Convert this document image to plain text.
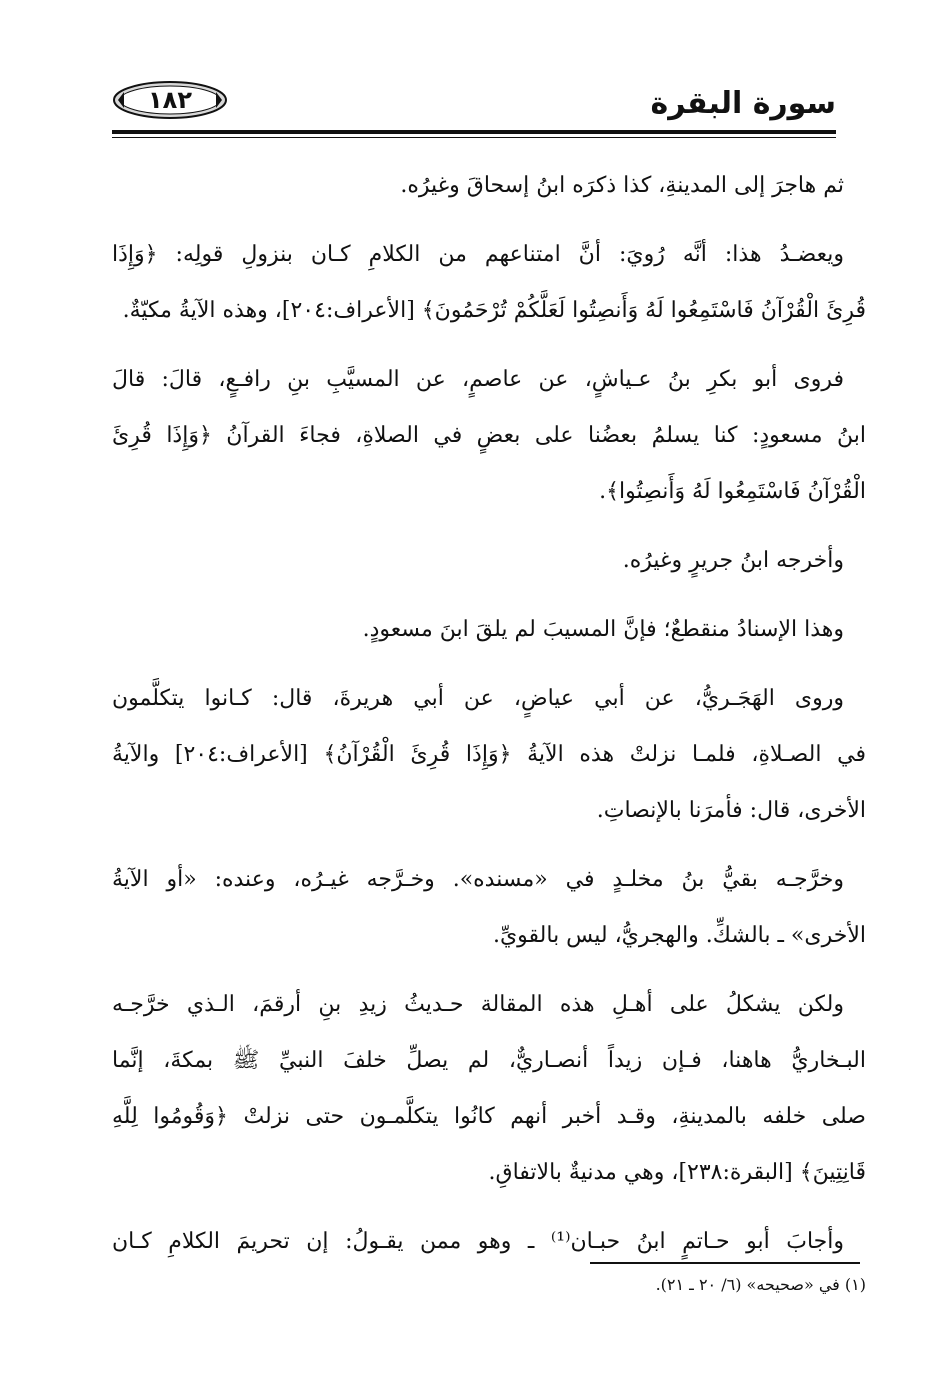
سورة البقرة
١٨٢
ثم هاجرَ إلى المدينةِ، كذا ذكرَه ابنُ إسحاقَ وغيرُه.
ويعضـدُ هذا: أنَّه رُويَ: أنَّ امتناعهم من الكلامِ كـان بنزولِ قولِه: ﴿وَإِذَا
قُرِئَ الْقُرْآنُ فَاسْتَمِعُوا لَهُ وَأَنصِتُوا لَعَلَّكُمْ تُرْحَمُونَ﴾ [الأعراف:٢٠٤]، وهذه الآيةُ مكيّةٌ.
فروى أبو بكرِ بنُ عـياشٍ، عن عاصمٍ، عن المسيَّبِ بنِ رافـعٍ، قالَ: قالَ
ابنُ مسعودٍ: كنا يسلمُ بعضُنا على بعضٍ في الصلاةِ، فجاءَ القرآنُ ﴿وَإِذَا قُرِئَ
الْقُرْآنُ فَاسْتَمِعُوا لَهُ وَأَنصِتُوا﴾.
وأخرجه ابنُ جريرٍ وغيرُه.
وهذا الإسنادُ منقطعٌ؛ فإنَّ المسيبَ لم يلقَ ابنَ مسعودٍ.
وروى الهَجَـريُّ، عن أبي عياضٍ، عن أبي هريرةَ، قال: كـانوا يتكلَّمون
في الصـلاةِ، فلمـا نزلتْ هذه الآيةُ ﴿وَإِذَا قُرِئَ الْقُرْآنُ﴾ [الأعراف:٢٠٤] والآيةُ
الأخرى، قال: فأمرَنا بالإنصاتِ.
وخرَّجـه بقيُّ بنُ مخلـدٍ في «مسنده». وخـرَّجه غيـرُه، وعنده: «أو الآيةُ
الأخرى» ـ بالشكِّ. والهجريُّ، ليس بالقويِّ.
ولكن يشكلُ على أهـلِ هذه المقالة حـديثُ زيدِ بنِ أرقمَ، الـذي خرَّجـه
البـخاريُّ هاهنا، فـإن زيداً أنصـاريٌّ، لم يصلِّ خلفَ النبيِّ ﷺ بمكةَ، إنَّما
صلى خلفه بالمدينةِ، وقـد أخبر أنهم كانُوا يتكلَّمـون حتى نزلتْ ﴿وَقُومُوا لِلَّهِ
قَانِتِينَ﴾ [البقرة:٢٣٨]، وهي مدنيةٌ بالاتفاقِ.
وأجابَ أبو حـاتمٍ ابنُ حبـان⁽¹⁾ ـ وهو ممن يقـولُ: إن تحريمَ الكلامِ كـان
(١) في «صحيحه» (٦/ ٢٠ ـ ٢١).
